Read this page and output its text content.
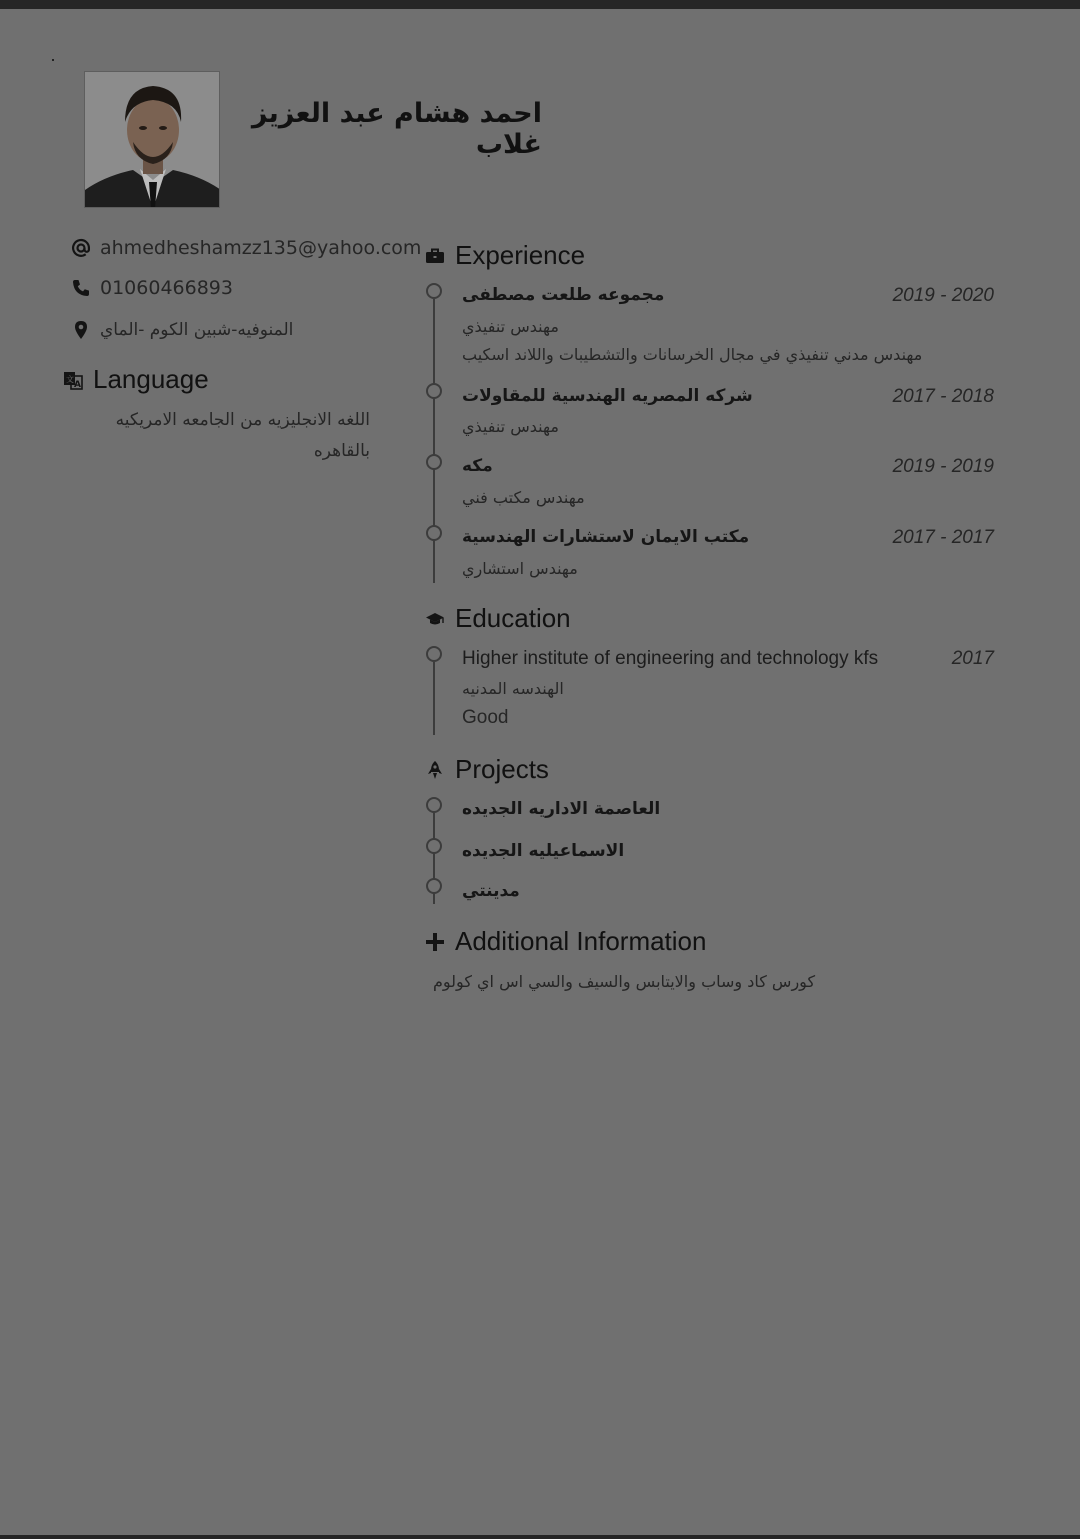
احمد هشام عبد العزيز غلاب
ahmedheshamzz135@yahoo.com
01060466893
المنوفيه-شبين الكوم -الماي
文
A Language
اللغه الانجليزيه من الجامعه الامريكيه
بالقاهره
Experience
مجموعه طلعت مصطفى	2019 - 2020
مهندس تنفيذي
مهندس مدني تنفيذي في مجال الخرسانات والتشطيبات واللاند اسكيب
شركه المصريه الهندسية للمقاولات	2017 - 2018
مهندس تنفيذي
مكه	2019 - 2019
مهندس مكتب فني
مكتب الايمان لاستشارات الهندسية	2017 - 2017
مهندس استشاري
Education
Higher institute of engineering and technology kfs	2017
الهندسه المدنيه
Good
Projects
العاصمة الاداريه الجديده
الاسماعيليه الجديده
مدينتي
Additional Information
كورس كاد وساب والايتابس والسيف والسي اس اي كولوم
